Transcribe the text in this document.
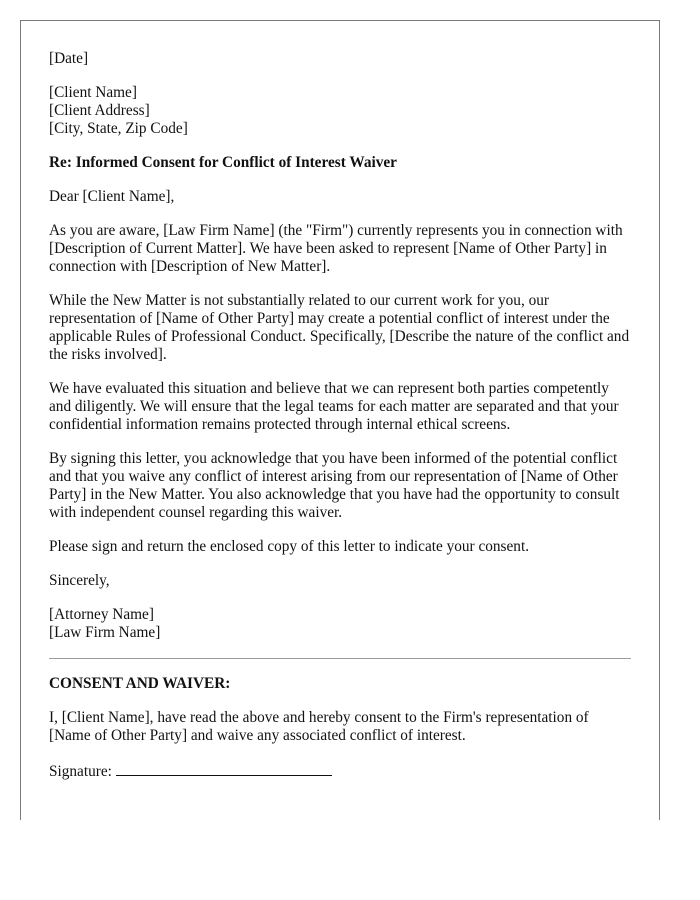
[Date]

[Client Name]
[Client Address]
[City, State, Zip Code]

Re: Informed Consent for Conflict of Interest Waiver

Dear [Client Name],

As you are aware, [Law Firm Name] (the "Firm") currently represents you in connection with [Description of Current Matter]. We have been asked to represent [Name of Other Party] in connection with [Description of New Matter].

While the New Matter is not substantially related to our current work for you, our representation of [Name of Other Party] may create a potential conflict of interest under the applicable Rules of Professional Conduct. Specifically, [Describe the nature of the conflict and the risks involved].

We have evaluated this situation and believe that we can represent both parties competently and diligently. We will ensure that the legal teams for each matter are separated and that your confidential information remains protected through internal ethical screens.

By signing this letter, you acknowledge that you have been informed of the potential conflict and that you waive any conflict of interest arising from our representation of [Name of Other Party] in the New Matter. You also acknowledge that you have had the opportunity to consult with independent counsel regarding this waiver.

Please sign and return the enclosed copy of this letter to indicate your consent.

Sincerely,

[Attorney Name]
[Law Firm Name]

CONSENT AND WAIVER:

I, [Client Name], have read the above and hereby consent to the Firm's representation of [Name of Other Party] and waive any associated conflict of interest.

Signature:
